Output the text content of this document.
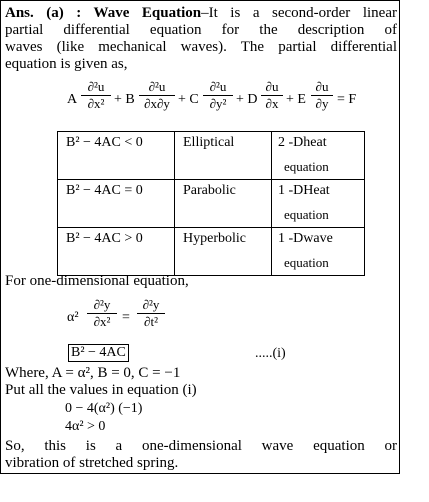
Ans. (a) : Wave Equation–It is a second-order linear
partial differential equation for the description of
waves (like mechanical waves). The partial differential
equation is given as,
A
∂²u
∂x² + B
∂²u
∂x∂y + C
∂²u
∂y² + D
∂u
∂x + E
∂u
∂y = F
B² − 4AC < 0	Elliptical	2 -Dheat
equation

B² − 4AC = 0	Parabolic	1 -DHeat
equation

B² − 4AC > 0	Hyperbolic	1 -Dwave
equation
For one-dimensional equation,
α²
∂²y
∂x² =
∂²y
∂t²
B² − 4AC	.....(i)
Where, A = α², B = 0, C = −1
Put all the values in equation (i)
0 − 4(α²) (−1)
4α² > 0
So, this is a one-dimensional wave equation or
vibration of stretched spring.
